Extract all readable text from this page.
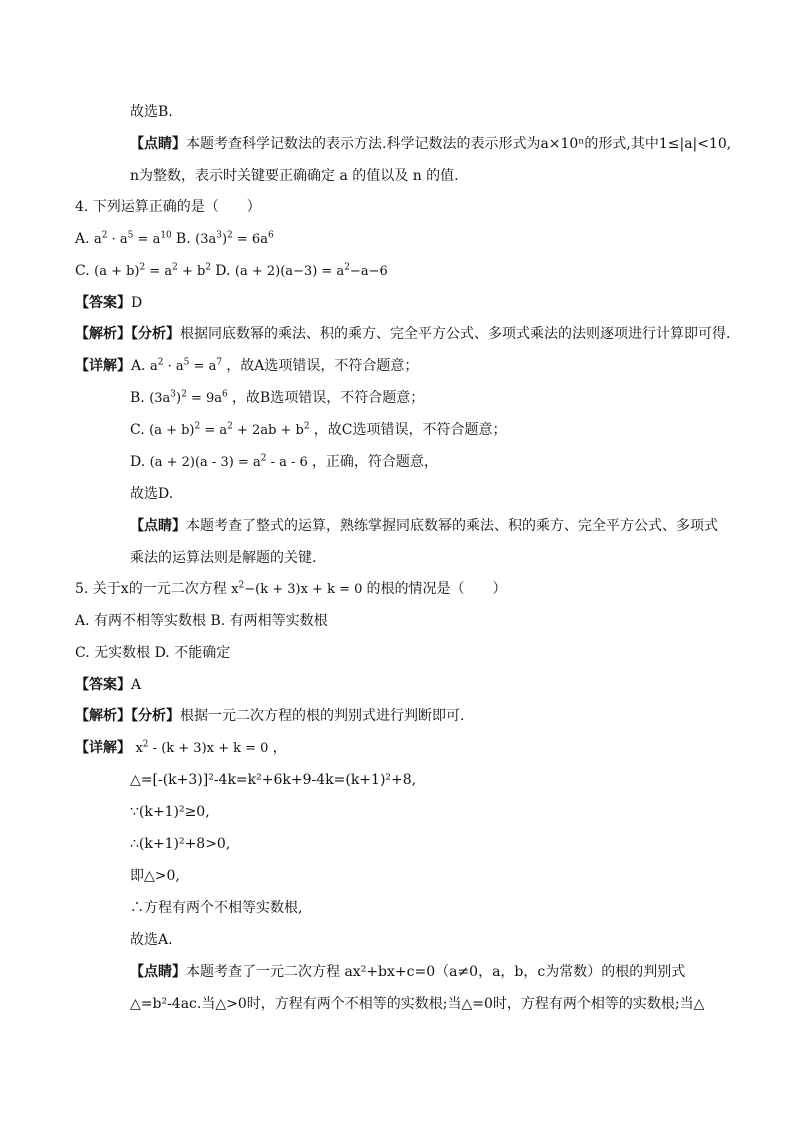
故选B.
【点睛】本题考查科学记数法的表示方法.科学记数法的表示形式为a×10ⁿ的形式,其中1≤|a|<10,
n为整数，表示时关键要正确确定 a 的值以及 n 的值.
4. 下列运算正确的是（　　）
A. $a^2 \cdot a^5 = a^{10}$ B. $(3a^3)^2 = 6a^6$
C. $(a + b)^2 = a^2 + b^2$ D. $(a + 2)(a-3) = a^2-a-6$
【答案】D
【解析】【分析】根据同底数幂的乘法、积的乘方、完全平方公式、多项式乘法的法则逐项进行计算即可得.
【详解】A. $a^2 \cdot a^5 = a^7$ ，故A选项错误，不符合题意；
B. $(3a^3)^2 = 9a^6$ ，故B选项错误，不符合题意；
C. $(a + b)^2 = a^2 + 2ab + b^2$ ，故C选项错误，不符合题意；
D. $(a + 2)(a - 3) = a^2 - a - 6$ ，正确，符合题意，
故选D.
【点睛】本题考查了整式的运算，熟练掌握同底数幂的乘法、积的乘方、完全平方公式、多项式
乘法的运算法则是解题的关键.
5. 关于x的一元二次方程 $x^2-(k + 3)x + k = 0$ 的根的情况是（　　）
A. 有两不相等实数根 B. 有两相等实数根
C. 无实数根 D. 不能确定
【答案】A
【解析】【分析】根据一元二次方程的根的判别式进行判断即可.
【详解】 $x^2 - (k + 3)x + k = 0$ ，
△=[-(k+3)]²-4k=k²+6k+9-4k=(k+1)²+8,
∵(k+1)²≥0,
∴(k+1)²+8>0,
即△>0,
∴方程有两个不相等实数根,
故选A.
【点睛】本题考查了一元二次方程 ax²+bx+c=0（a≠0，a，b，c为常数）的根的判别式
△=b²-4ac.当△>0时，方程有两个不相等的实数根;当△=0时，方程有两个相等的实数根;当△
